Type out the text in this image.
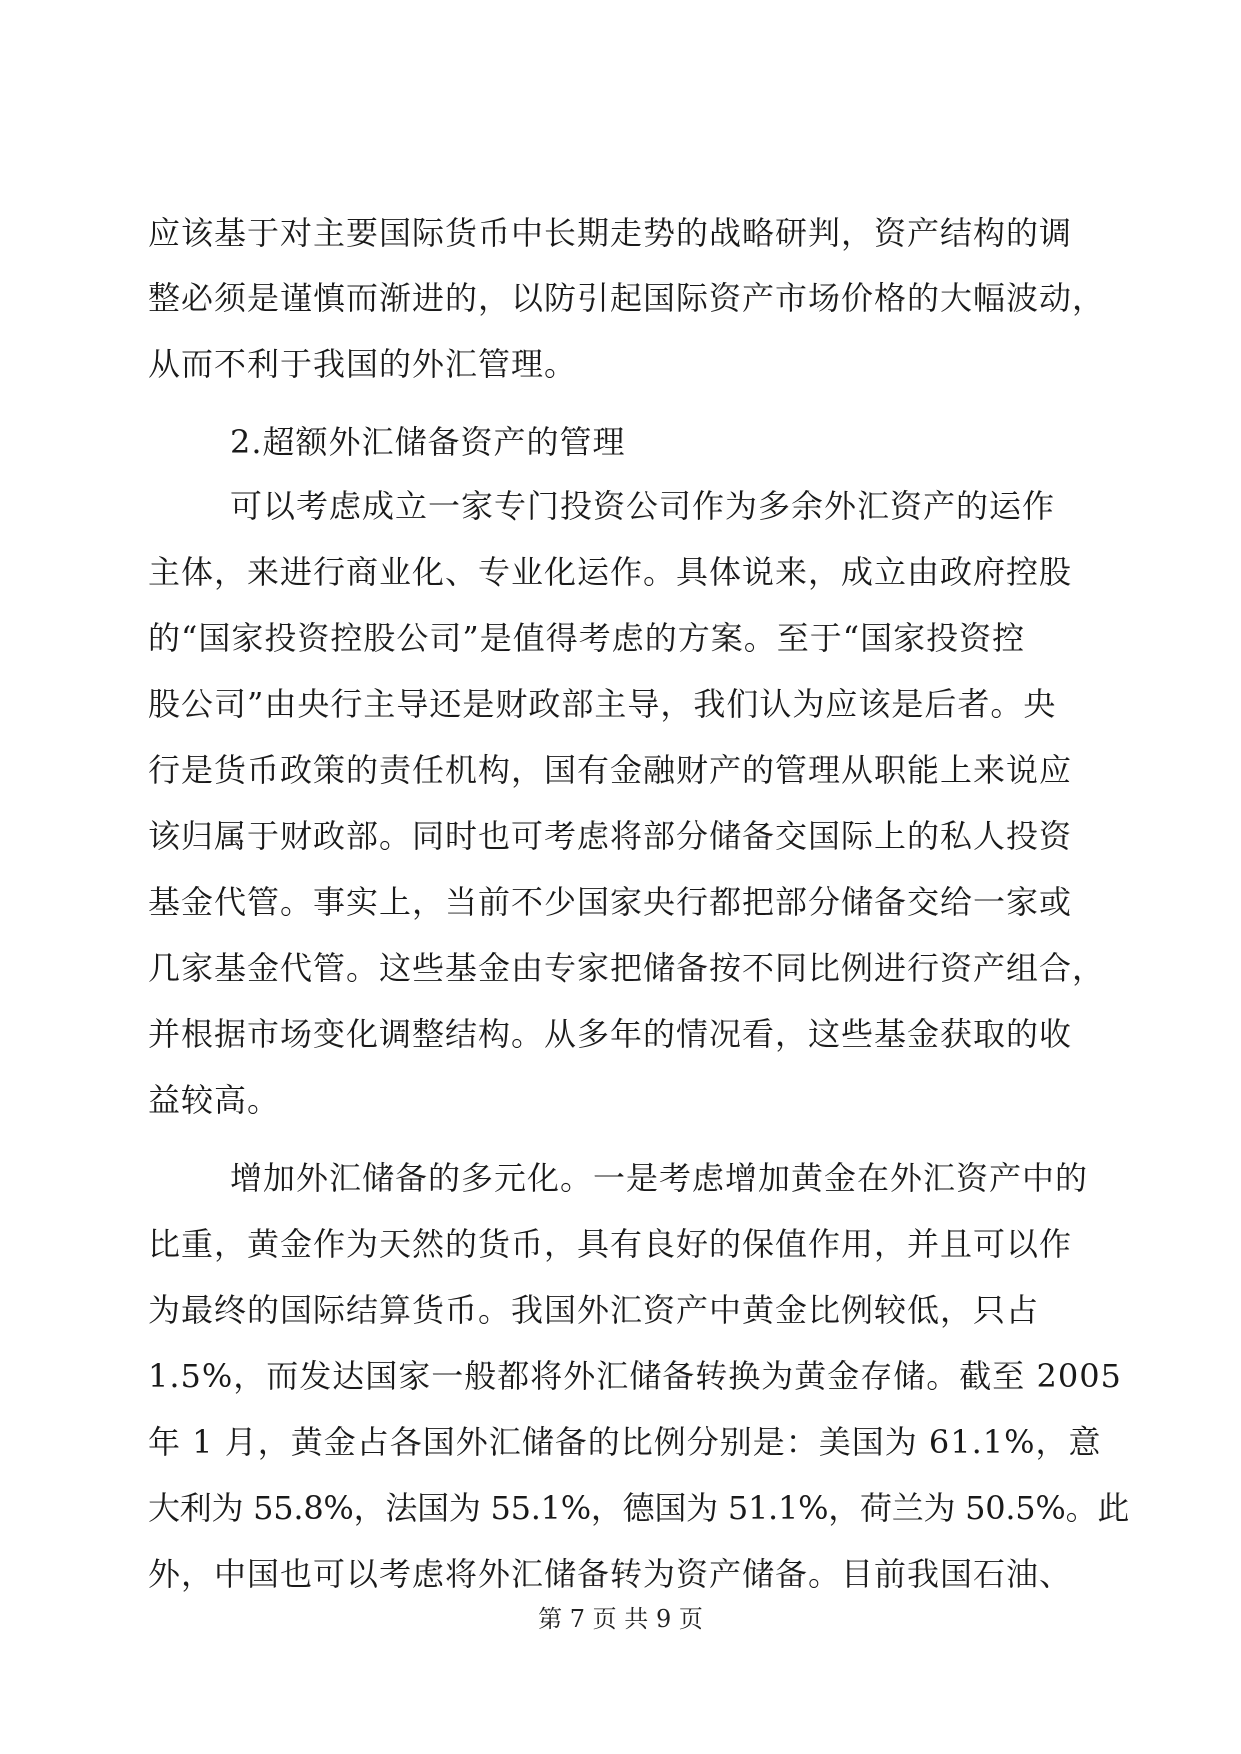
应该基于对主要国际货币中长期走势的战略研判，资产结构的调
整必须是谨慎而渐进的，以防引起国际资产市场价格的大幅波动，
从而不利于我国的外汇管理。
2.超额外汇储备资产的管理
可以考虑成立一家专门投资公司作为多余外汇资产的运作
主体，来进行商业化、专业化运作。具体说来，成立由政府控股
的“国家投资控股公司”是值得考虑的方案。至于“国家投资控
股公司”由央行主导还是财政部主导，我们认为应该是后者。央
行是货币政策的责任机构，国有金融财产的管理从职能上来说应
该归属于财政部。同时也可考虑将部分储备交国际上的私人投资
基金代管。事实上，当前不少国家央行都把部分储备交给一家或
几家基金代管。这些基金由专家把储备按不同比例进行资产组合，
并根据市场变化调整结构。从多年的情况看，这些基金获取的收
益较高。
增加外汇储备的多元化。一是考虑增加黄金在外汇资产中的
比重，黄金作为天然的货币，具有良好的保值作用，并且可以作
为最终的国际结算货币。我国外汇资产中黄金比例较低，只占
1.5%，而发达国家一般都将外汇储备转换为黄金存储。截至 2005
年 1 月，黄金占各国外汇储备的比例分别是：美国为 61.1%，意
大利为 55.8%，法国为 55.1%，德国为 51.1%，荷兰为 50.5%。此
外，中国也可以考虑将外汇储备转为资产储备。目前我国石油、
第 7 页 共 9 页
